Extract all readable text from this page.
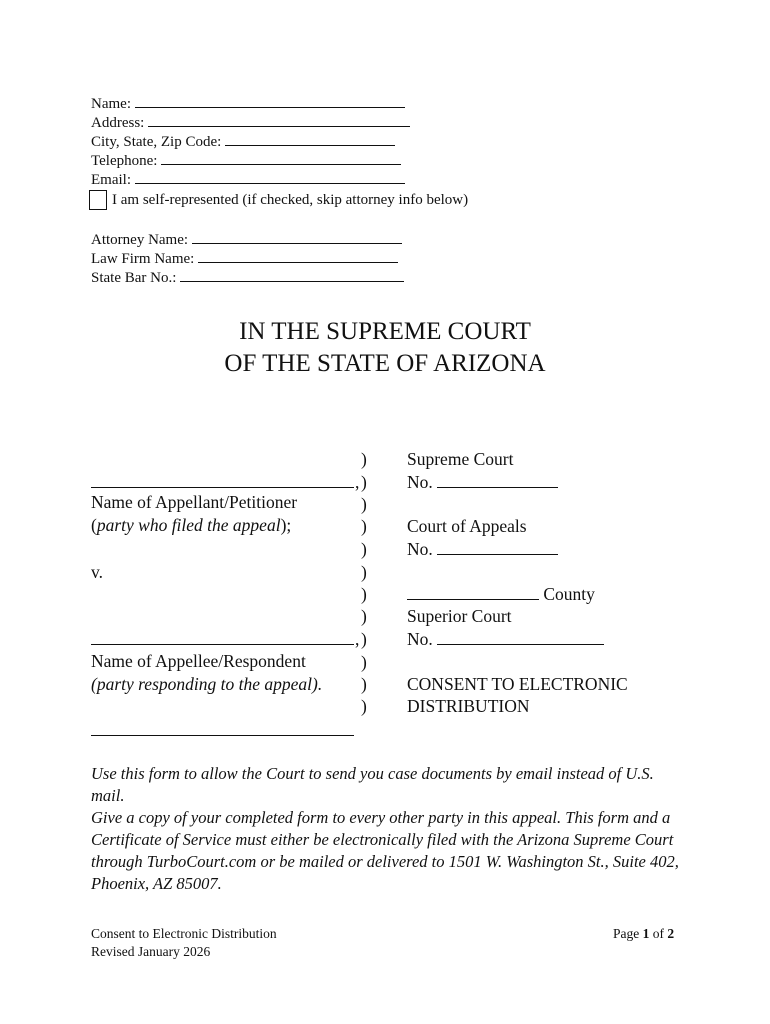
Name:
Address:
City, State, Zip Code:
Telephone:
Email:
I am self-represented (if checked, skip attorney info below)
Attorney Name:
Law Firm Name:
State Bar No.:
IN THE SUPREME COURT
OF THE STATE OF ARIZONA
,
Name of Appellant/Petitioner
(party who filed the appeal);
v.
,
Name of Appellee/Respondent
(party responding to the appeal).
)
)
)
)
)
)
)
)
)
)
)
)
Supreme Court
No.
Court of Appeals
No.
County
Superior Court
No.
CONSENT TO ELECTRONIC
DISTRIBUTION

Use this form to allow the Court to send you case documents by email instead of U.S. mail.

Give a copy of your completed form to every other party in this appeal. This form and a Certificate of Service must either be electronically filed with the Arizona Supreme Court through TurboCourt.com or be mailed or delivered to 1501 W. Washington St., Suite 402, Phoenix, AZ 85007.

Consent to Electronic Distribution
Revised January 2026
Page 1 of 2
